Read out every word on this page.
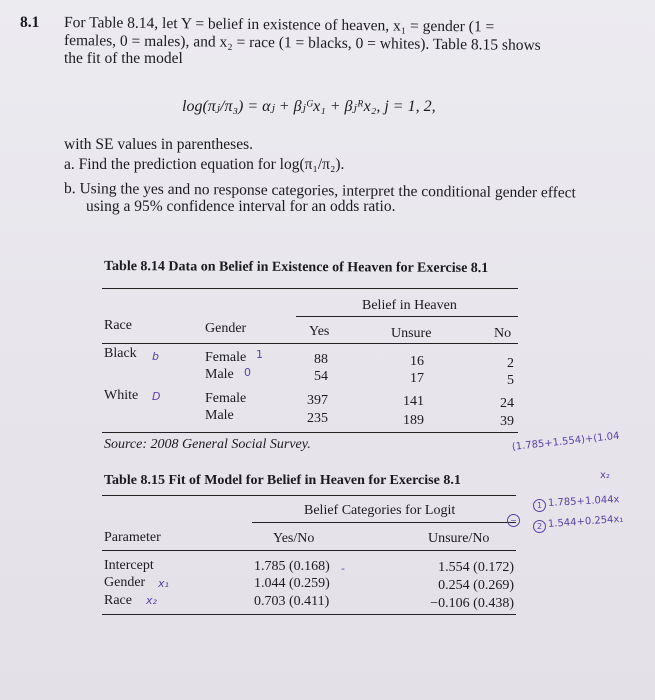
8.1 For Table 8.14, let Y = belief in existence of heaven, x₁ = gender (1 =
females, 0 = males), and x₂ = race (1 = blacks, 0 = whites). Table 8.15 shows
the fit of the model
log(πⱼ/π₃) = αⱼ + βⱼᴳx₁ + βⱼᴿx₂, j = 1, 2,
with SE values in parentheses.
a. Find the prediction equation for log(π₁/π₂).
b. Using the yes and no response categories, interpret the conditional gender effect
using a 95% confidence interval for an odds ratio.
Table 8.14 Data on Belief in Existence of Heaven for Exercise 8.1
Belief in Heaven
Race	Gender	Yes	Unsure	No
Black	Female	88	16	2
Male	54	17	5
White	Female	397	141	24
Male	235	189	39
Source: 2008 General Social Survey.
Table 8.15 Fit of Model for Belief in Heaven for Exercise 8.1
Belief Categories for Logit
Parameter	Yes/No	Unsure/No
Intercept	1.785 (0.168)	1.554 (0.172)
Gender	1.044 (0.259)	0.254 (0.269)
Race	0.703 (0.411)	−0.106 (0.438)
b	1
0
D
x₁
x₂
-
(1.785+1.554)+(1.04
x₂
−
1 1.785+1.044x
2 1.544+0.254x₁
